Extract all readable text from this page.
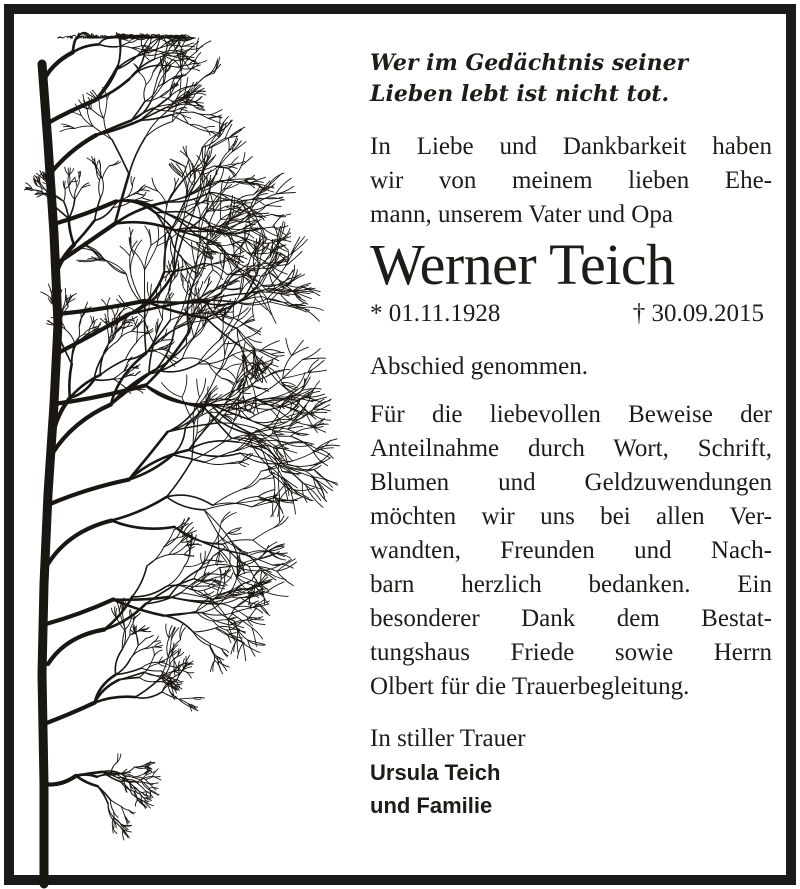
Wer im Gedächtnis seiner
Lieben lebt ist nicht tot.
In Liebe und Dankbarkeit haben
wir von meinem lieben Ehe-
mann, unserem Vater und Opa
Werner Teich
* 01.11.1928	† 30.09.2015
Abschied genommen.
Für die liebevollen Beweise der
Anteilnahme durch Wort, Schrift,
Blumen und Geldzuwendungen
möchten wir uns bei allen Ver-
wandten, Freunden und Nach-
barn herzlich bedanken. Ein
besonderer Dank dem Bestat-
tungshaus Friede sowie Herrn
Olbert für die Trauerbegleitung.
In stiller Trauer
Ursula Teich
und Familie
